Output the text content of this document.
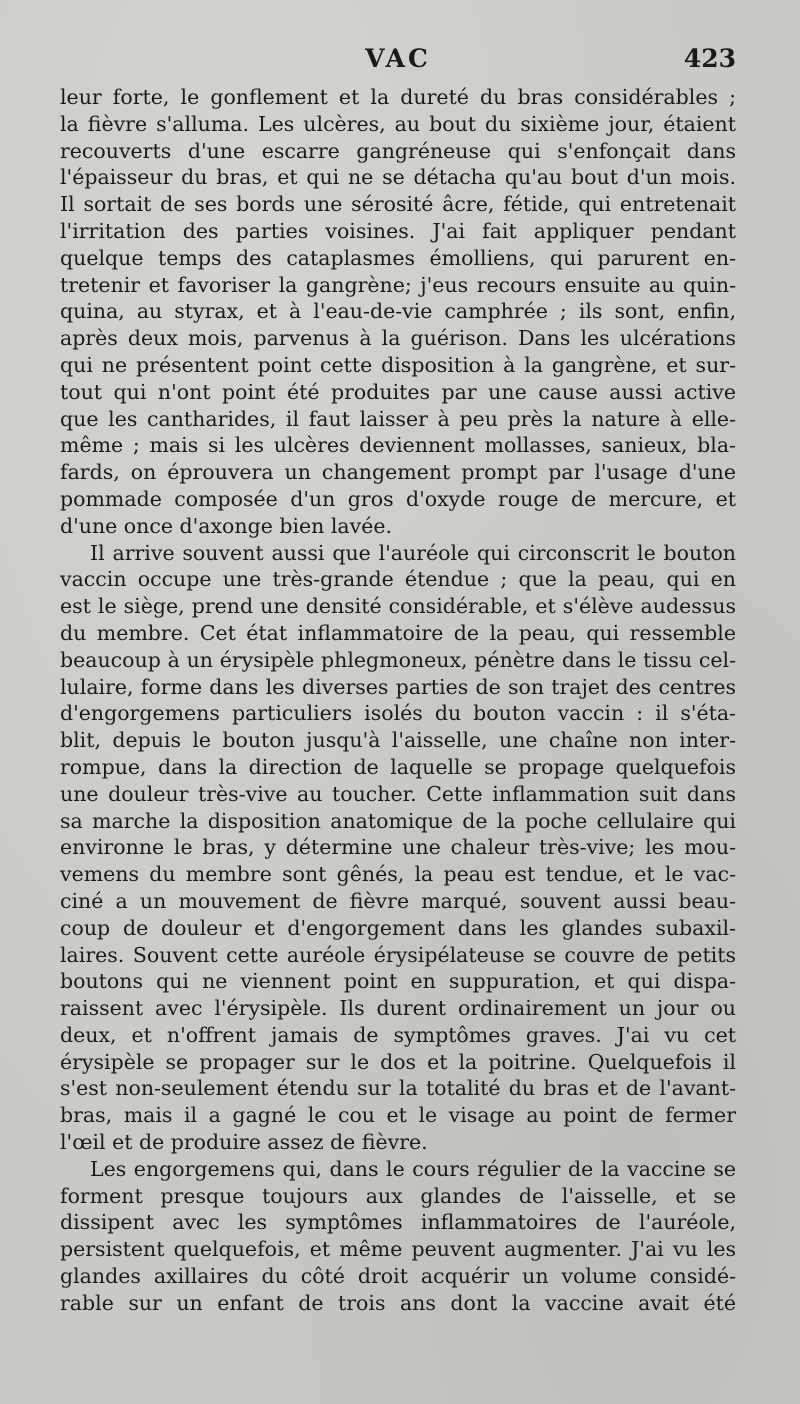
VAC	423
leur forte, le gonflement et la dureté du bras considérables ;
la fièvre s'alluma. Les ulcères, au bout du sixième jour, étaient
recouverts d'une escarre gangréneuse qui s'enfonçait dans
l'épaisseur du bras, et qui ne se détacha qu'au bout d'un mois.
Il sortait de ses bords une sérosité âcre, fétide, qui entretenait
l'irritation des parties voisines. J'ai fait appliquer pendant
quelque temps des cataplasmes émolliens, qui parurent en-
tretenir et favoriser la gangrène; j'eus recours ensuite au quin-
quina, au styrax, et à l'eau-de-vie camphrée ; ils sont, enfin,
après deux mois, parvenus à la guérison. Dans les ulcérations
qui ne présentent point cette disposition à la gangrène, et sur-
tout qui n'ont point été produites par une cause aussi active
que les cantharides, il faut laisser à peu près la nature à elle-
même ; mais si les ulcères deviennent mollasses, sanieux, bla-
fards, on éprouvera un changement prompt par l'usage d'une
pommade composée d'un gros d'oxyde rouge de mercure, et
d'une once d'axonge bien lavée.
Il arrive souvent aussi que l'auréole qui circonscrit le bouton
vaccin occupe une très-grande étendue ; que la peau, qui en
est le siège, prend une densité considérable, et s'élève audessus
du membre. Cet état inflammatoire de la peau, qui ressemble
beaucoup à un érysipèle phlegmoneux, pénètre dans le tissu cel-
lulaire, forme dans les diverses parties de son trajet des centres
d'engorgemens particuliers isolés du bouton vaccin : il s'éta-
blit, depuis le bouton jusqu'à l'aisselle, une chaîne non inter-
rompue, dans la direction de laquelle se propage quelquefois
une douleur très-vive au toucher. Cette inflammation suit dans
sa marche la disposition anatomique de la poche cellulaire qui
environne le bras, y détermine une chaleur très-vive; les mou-
vemens du membre sont gênés, la peau est tendue, et le vac-
ciné a un mouvement de fièvre marqué, souvent aussi beau-
coup de douleur et d'engorgement dans les glandes subaxil-
laires. Souvent cette auréole érysipélateuse se couvre de petits
boutons qui ne viennent point en suppuration, et qui dispa-
raissent avec l'érysipèle. Ils durent ordinairement un jour ou
deux, et n'offrent jamais de symptômes graves. J'ai vu cet
érysipèle se propager sur le dos et la poitrine. Quelquefois il
s'est non-seulement étendu sur la totalité du bras et de l'avant-
bras, mais il a gagné le cou et le visage au point de fermer
l'œil et de produire assez de fièvre.
Les engorgemens qui, dans le cours régulier de la vaccine se
forment presque toujours aux glandes de l'aisselle, et se
dissipent avec les symptômes inflammatoires de l'auréole,
persistent quelquefois, et même peuvent augmenter. J'ai vu les
glandes axillaires du côté droit acquérir un volume considé-
rable sur un enfant de trois ans dont la vaccine avait été
